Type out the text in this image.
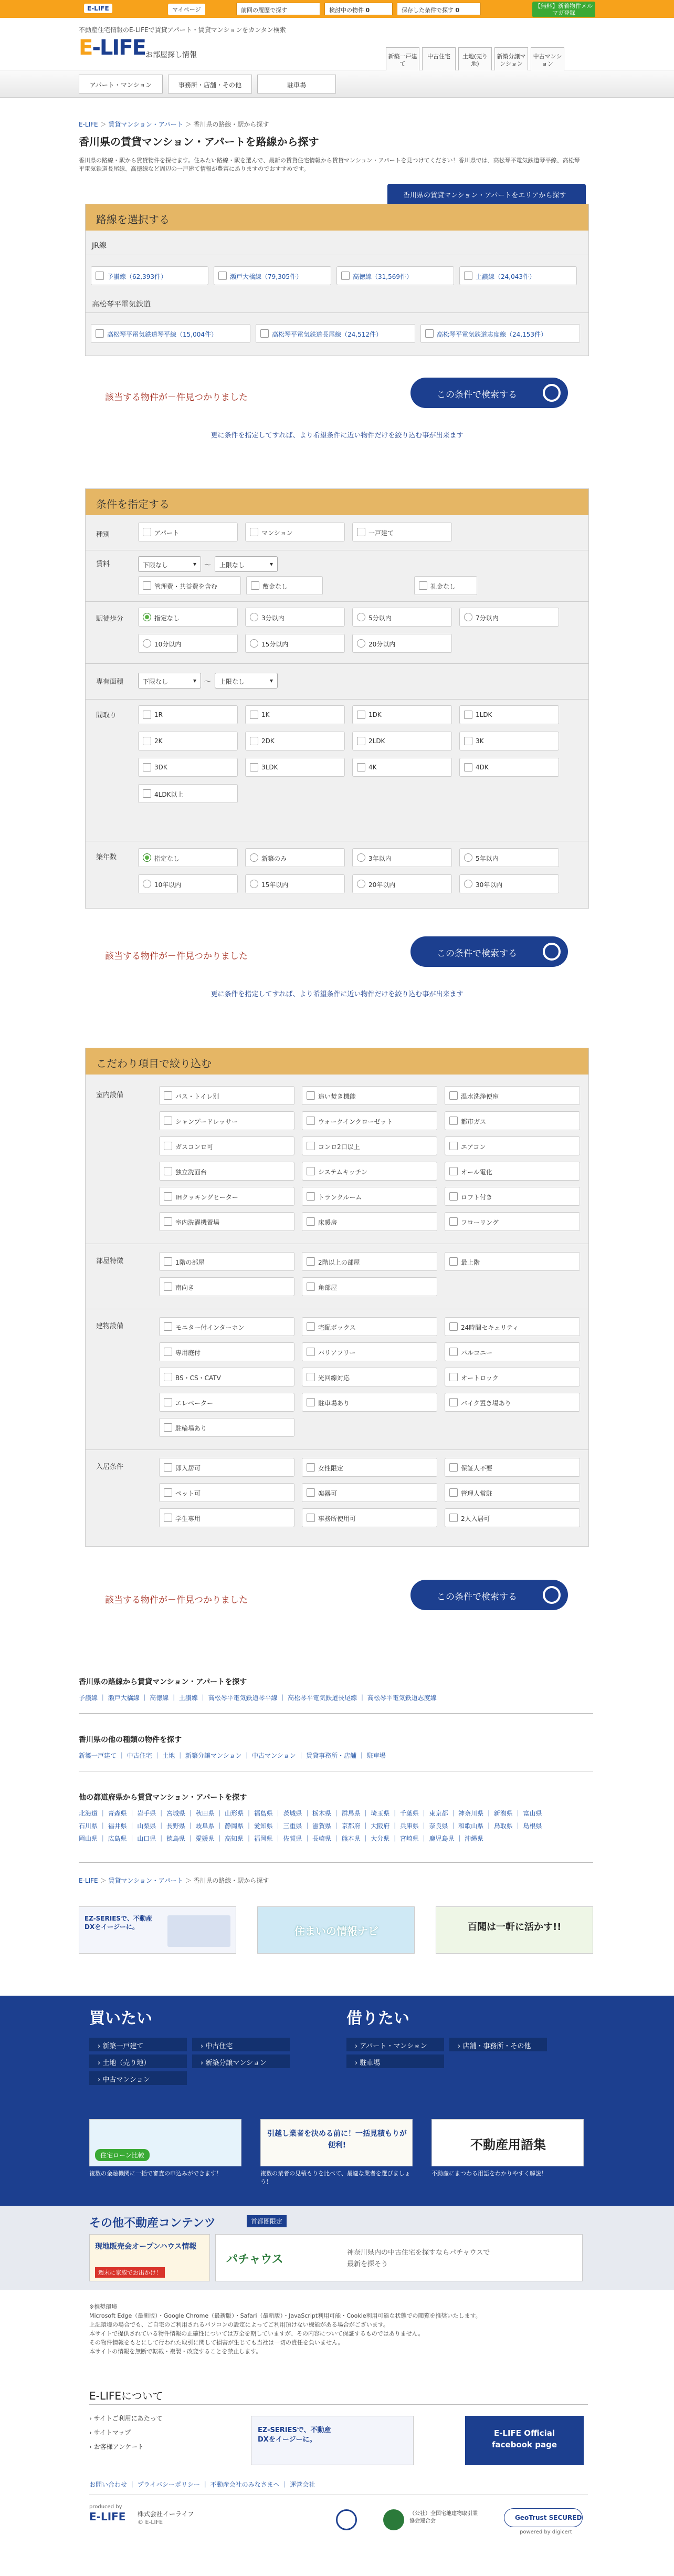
E-LIFE	マイページ	前回の履歴で探す	検討中の物件 0	保存した条件で探す 0
【無料】新着物件メルマガ登録
不動産住宅情報のE-LIFEで賃貸アパート・賃貸マンションをカンタン検索
E-LIFE お部屋探し情報	新築一戸建て
中古住宅	土地(売り地)
新築分譲マンション
中古マンション
アパート・マンション	事務所・店舗・その他	駐車場
E-LIFE ＞ 賃貸マンション・アパート ＞ 香川県の路線・駅から探す
香川県の賃貸マンション・アパートを路線から探す
香川県の路線・駅から賃貸物件を探せます。住みたい路線・駅を選んで、最新の賃貸住宅情報から賃貸マンション・アパートを見つけてください！香川県では、高松琴平電気鉄道琴平線、高松琴平電気鉄道長尾線、高徳線など周辺の一戸建て情報が豊富にありますのでおすすめです。
香川県の賃貸マンション・アパートをエリアから探す
路線を選択する
JR線
高松琴平電気鉄道
予讃線（62,393件）	瀬戸大橋線（79,305件）	高徳線（31,569件）	土讃線（24,043件）
高松琴平電気鉄道琴平線（15,004件）	高松琴平電気鉄道長尾線（24,512件）	高松琴平電気鉄道志度線（24,153件）
該当する物件が－件見つかりました	この条件で検索する
更に条件を指定してすれば、より希望条件に近い物件だけを絞り込む事が出来ます
条件を指定する
種別	アパート	マンション	一戸建て
賃料	下限なし ▾	～	上限なし ▾
管理費・共益費を含む	敷金なし	礼金なし
駅徒歩分	指定なし	3分以内	5分以内	7分以内
10分以内	15分以内	20分以内
専有面積	下限なし ▾	～	上限なし ▾
間取り	1R	1K	1DK	1LDK
2K	2DK	2LDK	3K
3DK	3LDK	4K	4DK
4LDK以上
築年数	指定なし	新築のみ	3年以内	5年以内
10年以内	15年以内	20年以内	30年以内
該当する物件が－件見つかりました	この条件で検索する
更に条件を指定してすれば、より希望条件に近い物件だけを絞り込む事が出来ます
こだわり項目で絞り込む
室内設備	バス・トイレ別	追い焚き機能	温水洗浄便座
シャンプードレッサー	ウォークインクローゼット	都市ガス
ガスコンロ可	コンロ2口以上	エアコン
独立洗面台	システムキッチン	オール電化
IHクッキングヒーター	トランクルーム	ロフト付き
室内洗濯機置場	床暖房	フローリング
部屋特徴	1階の部屋	2階以上の部屋	最上階
南向き	角部屋
建物設備	モニター付インターホン	宅配ボックス	24時間セキュリティ
専用庭付	バリアフリー	バルコニー
BS・CS・CATV	光回線対応	オートロック
エレベーター	駐車場あり	バイク置き場あり
駐輪場あり
入居条件	即入居可	女性限定	保証人不要
ペット可	楽器可	管理人常駐
学生専用	事務所使用可	2人入居可
該当する物件が－件見つかりました	この条件で検索する
香川県の路線から賃貸マンション・アパートを探す
予讃線 ｜ 瀬戸大橋線 ｜ 高徳線 ｜ 土讃線 ｜ 高松琴平電気鉄道琴平線 ｜ 高松琴平電気鉄道長尾線 ｜ 高松琴平電気鉄道志度線
香川県の他の種類の物件を探す
新築一戸建て ｜ 中古住宅 ｜ 土地 ｜ 新築分譲マンション ｜ 中古マンション ｜ 賃貸事務所・店舗 ｜ 駐車場
他の都道府県から賃貸マンション・アパートを探す
北海道 ｜ 青森県 ｜ 岩手県 ｜ 宮城県 ｜ 秋田県 ｜ 山形県 ｜ 福島県 ｜ 茨城県 ｜ 栃木県 ｜ 群馬県 ｜ 埼玉県 ｜ 千葉県 ｜ 東京都 ｜ 神奈川県 ｜ 新潟県 ｜ 富山県
石川県 ｜ 福井県 ｜ 山梨県 ｜ 長野県 ｜ 岐阜県 ｜ 静岡県 ｜ 愛知県 ｜ 三重県 ｜ 滋賀県 ｜ 京都府 ｜ 大阪府 ｜ 兵庫県 ｜ 奈良県 ｜ 和歌山県 ｜ 鳥取県 ｜ 島根県
岡山県 ｜ 広島県 ｜ 山口県 ｜ 徳島県 ｜ 愛媛県 ｜ 高知県 ｜ 福岡県 ｜ 佐賀県 ｜ 長崎県 ｜ 熊本県 ｜ 大分県 ｜ 宮崎県 ｜ 鹿児島県 ｜ 沖縄県
E-LIFE ＞ 賃貸マンション・アパート ＞ 香川県の路線・駅から探す
EZ-SERIESで、不動産DXをイージーに。	住まいの情報ナビ	百聞は一軒に活かす!!
買いたい	借りたい
住宅ローン比較
複数の金融機関に一括で審査の申込みができます！
引越し業者を決める前に！一括見積もりが便利!
複数の業者の見積もりを比べて、最適な業者を選びましょう！
不動産用語集
不動産にまつわる用語をわかりやすく解説！
› 新築一戸建て	› 中古住宅
› 土地（売り地）	› 新築分譲マンション
› 中古マンション
› アパート・マンション	› 店舗・事務所・その他
› 駐車場
その他不動産コンテンツ	首都圏限定
現地販売会オープンハウス情報
週末に家族でお出かけ！
パチャウス
神奈川県内の中古住宅を探すならパチャウスで最新を探そう
※推奨環境
Microsoft Edge（最新版）・Google Chrome（最新版）・Safari（最新版）・JavaScript利用可能・Cookie利用可能な状態での閲覧を推奨いたします。
上記環境の場合でも、ご自宅のご利用されるパソコンの設定によってご利用頂けない機能がある場合がございます。
本サイトで提供されている物件情報の正確性については万全を期していますが、その内容について保証するものではありません。
その物件情報をもとにして行われた取引に関して損害が生じても当社は一切の責任を負いません。
本サイトの情報を無断で転載・複製・改変することを禁止します。
E-LIFEについて
› サイトご利用にあたって
› サイトマップ
› お客様アンケート
EZ-SERIESで、不動産DXをイージーに。
E-LIFE Official facebook page
お問い合わせ ｜ プライバシーポリシー ｜ 不動産会社のみなさまへ ｜ 運営会社
produced by
E-LIFE 株式会社イーライフ
© E-LIFE
（公社）全国宅地建物取引業協会連合会	GeoTrust SECURED
powered by digicert
